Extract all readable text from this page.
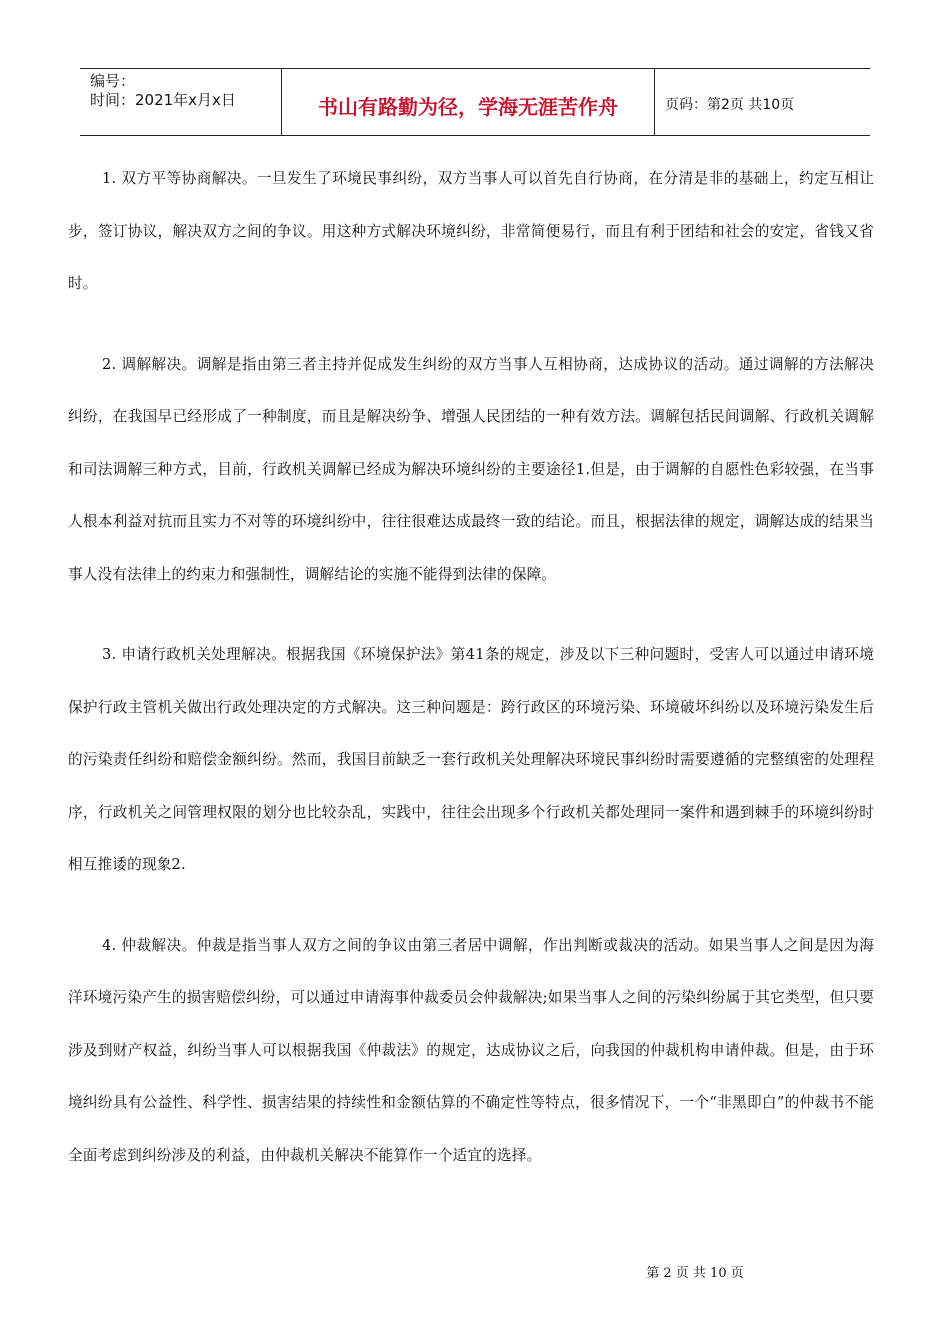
编号：
时间：2021年x月x日	书山有路勤为径，学海无涯苦作舟	页码：第2页 共10页

1. 双方平等协商解决。一旦发生了环境民事纠纷，双方当事人可以首先自行协商，在分清是非的基础上，约定互相让步，签订协议，解决双方之间的争议。用这种方式解决环境纠纷，非常简便易行，而且有利于团结和社会的安定，省钱又省时。

2. 调解解决。调解是指由第三者主持并促成发生纠纷的双方当事人互相协商，达成协议的活动。通过调解的方法解决纠纷，在我国早已经形成了一种制度，而且是解决纷争、增强人民团结的一种有效方法。调解包括民间调解、行政机关调解和司法调解三种方式，目前，行政机关调解已经成为解决环境纠纷的主要途径1.但是，由于调解的自愿性色彩较强，在当事人根本利益对抗而且实力不对等的环境纠纷中，往往很难达成最终一致的结论。而且，根据法律的规定，调解达成的结果当事人没有法律上的约束力和强制性，调解结论的实施不能得到法律的保障。

3. 申请行政机关处理解决。根据我国《环境保护法》第41条的规定，涉及以下三种问题时，受害人可以通过申请环境保护行政主管机关做出行政处理决定的方式解决。这三种问题是：跨行政区的环境污染、环境破坏纠纷以及环境污染发生后的污染责任纠纷和赔偿金额纠纷。然而，我国目前缺乏一套行政机关处理解决环境民事纠纷时需要遵循的完整缜密的处理程序，行政机关之间管理权限的划分也比较杂乱，实践中，往往会出现多个行政机关都处理同一案件和遇到棘手的环境纠纷时相互推诿的现象2.

4. 仲裁解决。仲裁是指当事人双方之间的争议由第三者居中调解，作出判断或裁决的活动。如果当事人之间是因为海洋环境污染产生的损害赔偿纠纷，可以通过申请海事仲裁委员会仲裁解决;如果当事人之间的污染纠纷属于其它类型，但只要涉及到财产权益，纠纷当事人可以根据我国《仲裁法》的规定，达成协议之后，向我国的仲裁机构申请仲裁。但是，由于环境纠纷具有公益性、科学性、损害结果的持续性和金额估算的不确定性等特点，很多情况下，一个“非黑即白”的仲裁书不能全面考虑到纠纷涉及的利益，由仲裁机关解决不能算作一个适宜的选择。

第 2 页 共 10 页
